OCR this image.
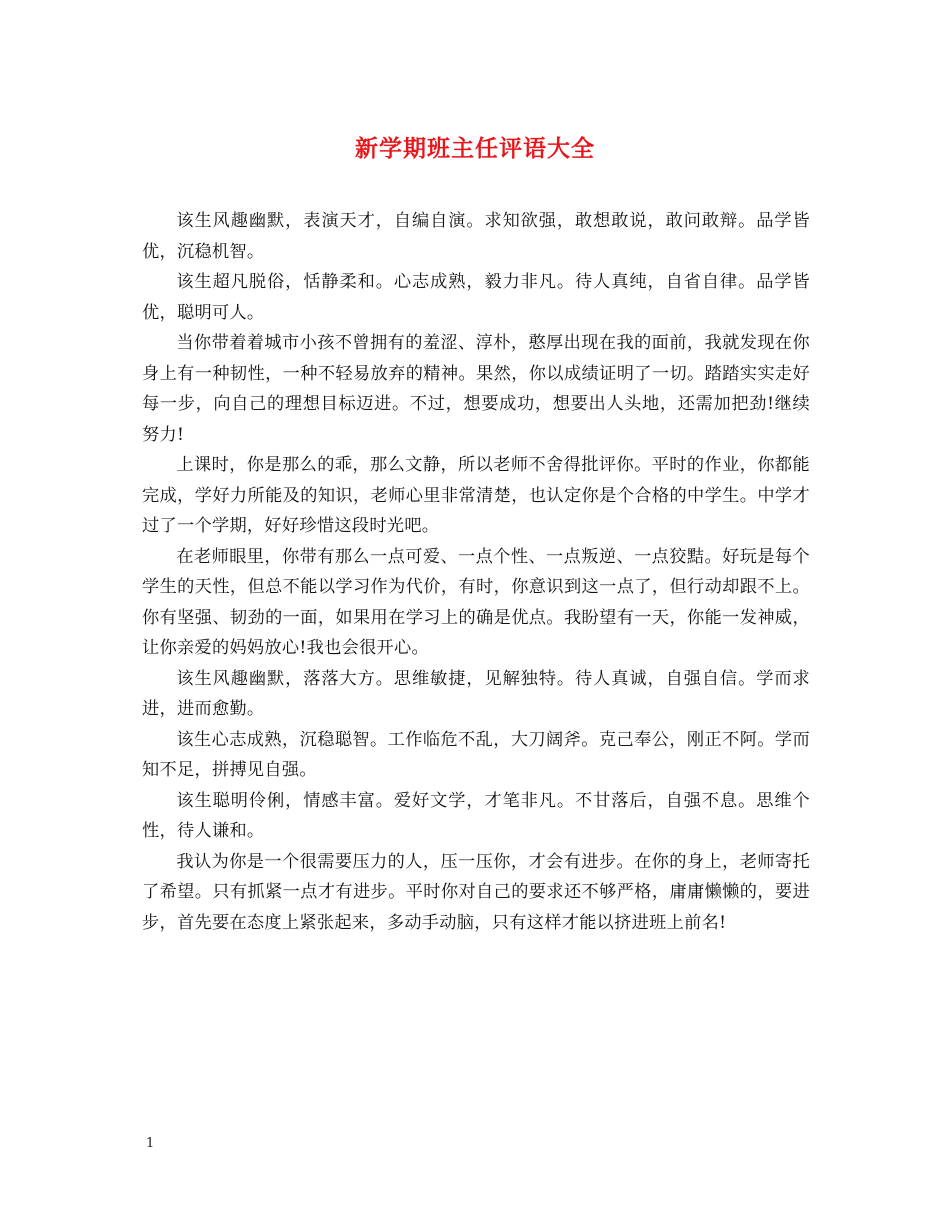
新学期班主任评语大全

该生风趣幽默，表演天才，自编自演。求知欲强，敢想敢说，敢问敢辩。品学皆优，沉稳机智。

该生超凡脱俗，恬静柔和。心志成熟，毅力非凡。待人真纯，自省自律。品学皆优，聪明可人。

当你带着着城市小孩不曾拥有的羞涩、淳朴，憨厚出现在我的面前，我就发现在你身上有一种韧性，一种不轻易放弃的精神。果然，你以成绩证明了一切。踏踏实实走好每一步，向自己的理想目标迈进。不过，想要成功，想要出人头地，还需加把劲!继续努力!

上课时，你是那么的乖，那么文静，所以老师不舍得批评你。平时的作业，你都能完成，学好力所能及的知识，老师心里非常清楚，也认定你是个合格的中学生。中学才过了一个学期，好好珍惜这段时光吧。

在老师眼里，你带有那么一点可爱、一点个性、一点叛逆、一点狡黠。好玩是每个学生的天性，但总不能以学习作为代价，有时，你意识到这一点了，但行动却跟不上。你有坚强、韧劲的一面，如果用在学习上的确是优点。我盼望有一天，你能一发神威，让你亲爱的妈妈放心!我也会很开心。

该生风趣幽默，落落大方。思维敏捷，见解独特。待人真诚，自强自信。学而求进，进而愈勤。

该生心志成熟，沉稳聪智。工作临危不乱，大刀阔斧。克己奉公，刚正不阿。学而知不足，拼搏见自强。

该生聪明伶俐，情感丰富。爱好文学，才笔非凡。不甘落后，自强不息。思维个性，待人谦和。

我认为你是一个很需要压力的人，压一压你，才会有进步。在你的身上，老师寄托了希望。只有抓紧一点才有进步。平时你对自己的要求还不够严格，庸庸懒懒的，要进步，首先要在态度上紧张起来，多动手动脑，只有这样才能以挤进班上前名!

1
